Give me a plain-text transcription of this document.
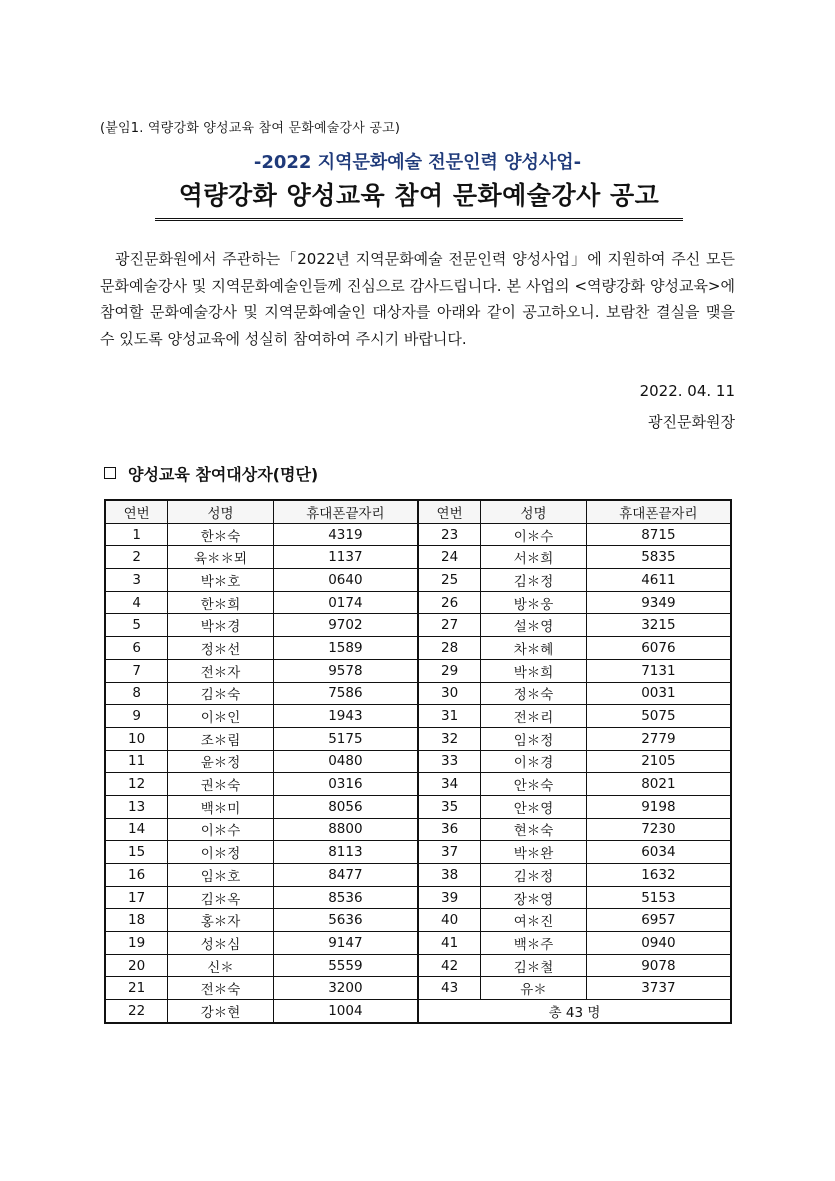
(붙임1. 역량강화 양성교육 참여 문화예술강사 공고)
-2022 지역문화예술 전문인력 양성사업-
역량강화 양성교육 참여 문화예술강사 공고
광진문화원에서 주관하는「2022년 지역문화예술 전문인력 양성사업」에 지원하여 주신 모든 문화예술강사 및 지역문화예술인들께 진심으로 감사드립니다. 본 사업의 <역량강화 양성교육>에 참여할 문화예술강사 및 지역문화예술인 대상자를 아래와 같이 공고하오니. 보람찬 결실을 맺을 수 있도록 양성교육에 성실히 참여하여 주시기 바랍니다.
2022. 04. 11
광진문화원장
양성교육 참여대상자(명단)
연번	성명	휴대폰끝자리	연번	성명	휴대폰끝자리
1	한＊숙	4319	23	이＊수	8715
2	육＊＊뫼	1137	24	서＊희	5835
3	박＊호	0640	25	김＊정	4611
4	한＊희	0174	26	방＊웅	9349
5	박＊경	9702	27	설＊영	3215
6	정＊선	1589	28	차＊혜	6076
7	전＊자	9578	29	박＊희	7131
8	김＊숙	7586	30	정＊숙	0031
9	이＊인	1943	31	전＊리	5075
10	조＊림	5175	32	임＊정	2779
11	윤＊정	0480	33	이＊경	2105
12	권＊숙	0316	34	안＊숙	8021
13	백＊미	8056	35	안＊영	9198
14	이＊수	8800	36	현＊숙	7230
15	이＊정	8113	37	박＊완	6034
16	임＊호	8477	38	김＊정	1632
17	김＊옥	8536	39	장＊영	5153
18	홍＊자	5636	40	여＊진	6957
19	성＊심	9147	41	백＊주	0940
20	신＊	5559	42	김＊철	9078
21	전＊숙	3200	43	유＊	3737
22	강＊현	1004	총 43 명		
